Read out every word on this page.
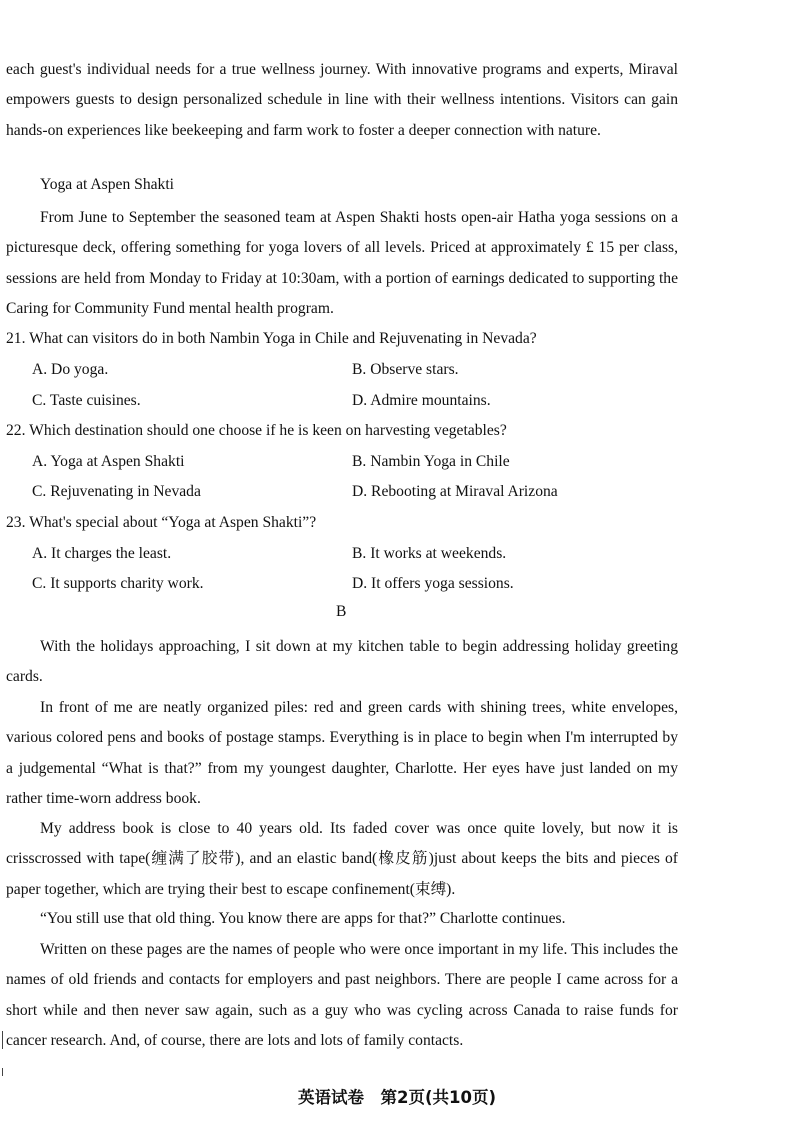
each guest's individual needs for a true wellness journey. With innovative programs and experts, Miraval empowers guests to design personalized schedule in line with their wellness intentions. Visitors can gain hands-on experiences like beekeeping and farm work to foster a deeper connection with nature.

Yoga at Aspen Shakti

From June to September the seasoned team at Aspen Shakti hosts open-air Hatha yoga sessions on a picturesque deck, offering something for yoga lovers of all levels. Priced at approximately £ 15 per class, sessions are held from Monday to Friday at 10:30am, with a portion of earnings dedicated to supporting the Caring for Community Fund mental health program.

21. What can visitors do in both Nambin Yoga in Chile and Rejuvenating in Nevada?

A. Do yoga.	B. Observe stars.

C. Taste cuisines.	D. Admire mountains.

22. Which destination should one choose if he is keen on harvesting vegetables?

A. Yoga at Aspen Shakti	B. Nambin Yoga in Chile

C. Rejuvenating in Nevada	D. Rebooting at Miraval Arizona

23. What's special about “Yoga at Aspen Shakti”?

A. It charges the least.	B. It works at weekends.

C. It supports charity work.	D. It offers yoga sessions.

B

With the holidays approaching, I sit down at my kitchen table to begin addressing holiday greeting cards.

In front of me are neatly organized piles: red and green cards with shining trees, white envelopes, various colored pens and books of postage stamps. Everything is in place to begin when I'm interrupted by a judgemental “What is that?” from my youngest daughter, Charlotte. Her eyes have just landed on my rather time-worn address book.

My address book is close to 40 years old. Its faded cover was once quite lovely, but now it is crisscrossed with tape(缠满了胶带), and an elastic band(橡皮筋)just about keeps the bits and pieces of paper together, which are trying their best to escape confinement(束缚).

“You still use that old thing. You know there are apps for that?” Charlotte continues.

Written on these pages are the names of people who were once important in my life. This includes the names of old friends and contacts for employers and past neighbors. There are people I came across for a short while and then never saw again, such as a guy who was cycling across Canada to raise funds for cancer research. And, of course, there are lots and lots of family contacts.

英语试卷　第2页(共10页)
